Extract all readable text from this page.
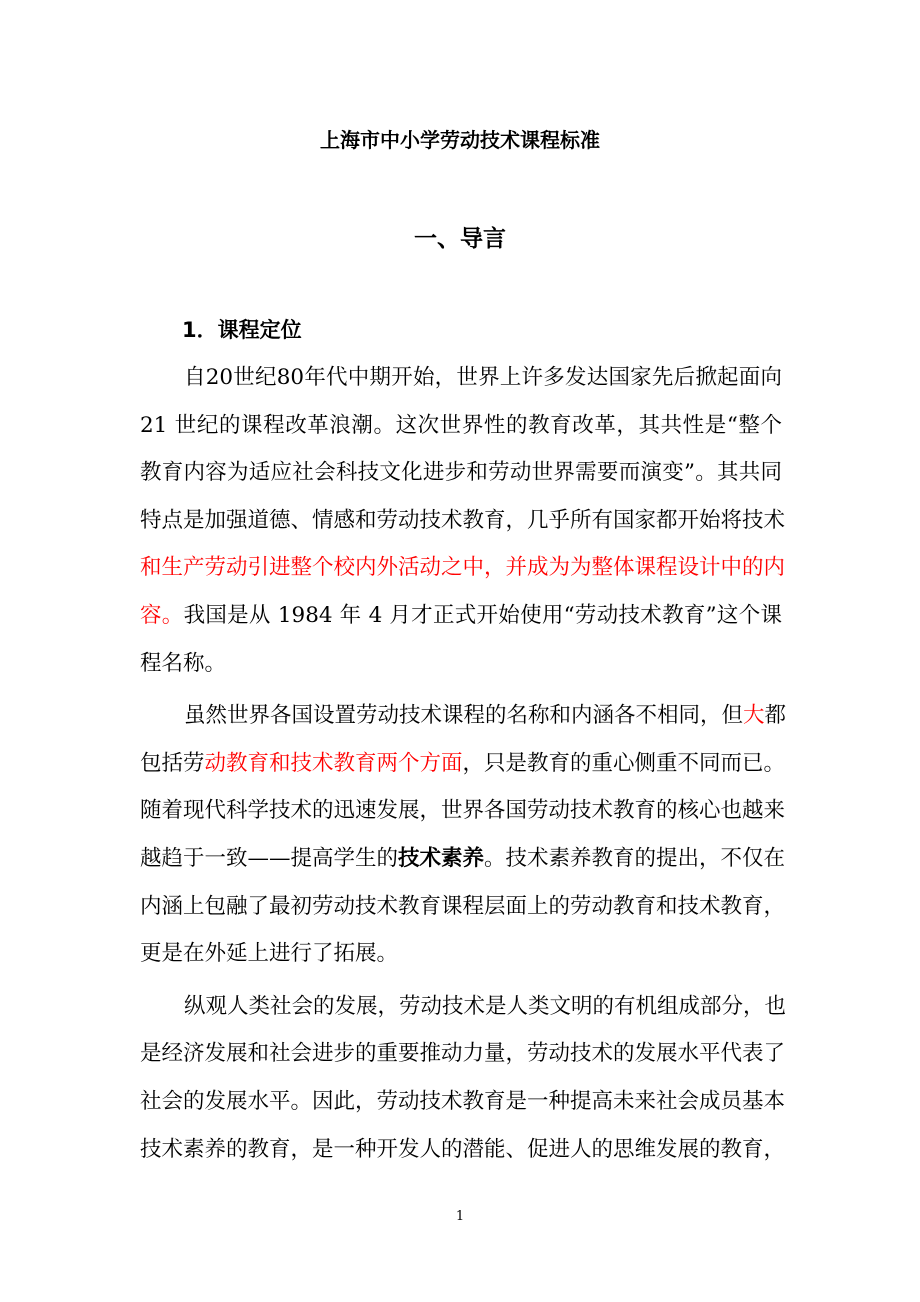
上海市中小学劳动技术课程标准
一、导言
1．课程定位
自20世纪80年代中期开始，世界上许多发达国家先后掀起面向
21 世纪的课程改革浪潮。这次世界性的教育改革，其共性是“整个
教育内容为适应社会科技文化进步和劳动世界需要而演变”。其共同
特点是加强道德、情感和劳动技术教育，几乎所有国家都开始将技术
和生产劳动引进整个校内外活动之中，并成为为整体课程设计中的内
容。我国是从 1984 年 4 月才正式开始使用“劳动技术教育”这个课
程名称。
虽然世界各国设置劳动技术课程的名称和内涵各不相同，但大都
包括劳动教育和技术教育两个方面，只是教育的重心侧重不同而已。
随着现代科学技术的迅速发展，世界各国劳动技术教育的核心也越来
越趋于一致——提高学生的技术素养。技术素养教育的提出，不仅在
内涵上包融了最初劳动技术教育课程层面上的劳动教育和技术教育，
更是在外延上进行了拓展。
纵观人类社会的发展，劳动技术是人类文明的有机组成部分，也
是经济发展和社会进步的重要推动力量，劳动技术的发展水平代表了
社会的发展水平。因此，劳动技术教育是一种提高未来社会成员基本
技术素养的教育，是一种开发人的潜能、促进人的思维发展的教育，
1
